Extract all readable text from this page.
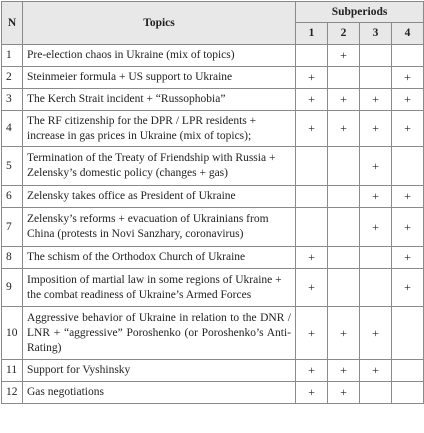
N	Topics	Subperiods			
		1	2	3	4
1	Pre-election chaos in Ukraine (mix of topics)		+		
2	Steinmeier formula + US support to Ukraine	+			+
3	The Kerch Strait incident + “Russophobia”	+	+	+	+
4	The RF citizenship for the DPR / LPR residents + increase in gas prices in Ukraine (mix of topics);	+	+	+	+
5	Termination of the Treaty of Friendship with Russia + Zelensky’s domestic policy (changes + gas)			+	
6	Zelensky takes office as President of Ukraine			+	+
7	Zelensky’s reforms + evacuation of Ukrainians from China (protests in Novi Sanzhary, coronavirus)			+	+
8	The schism of the Orthodox Church of Ukraine	+			+
9	Imposition of martial law in some regions of Ukraine + the combat readiness of Ukraine’s Armed Forces	+			+
10	Aggressive behavior of Ukraine in relation to the DNR / LNR + “aggressive” Poroshenko (or Poroshenko’s Anti-Rating)	+	+	+	
11	Support for Vyshinsky	+	+	+	
12	Gas negotiations	+	+		
